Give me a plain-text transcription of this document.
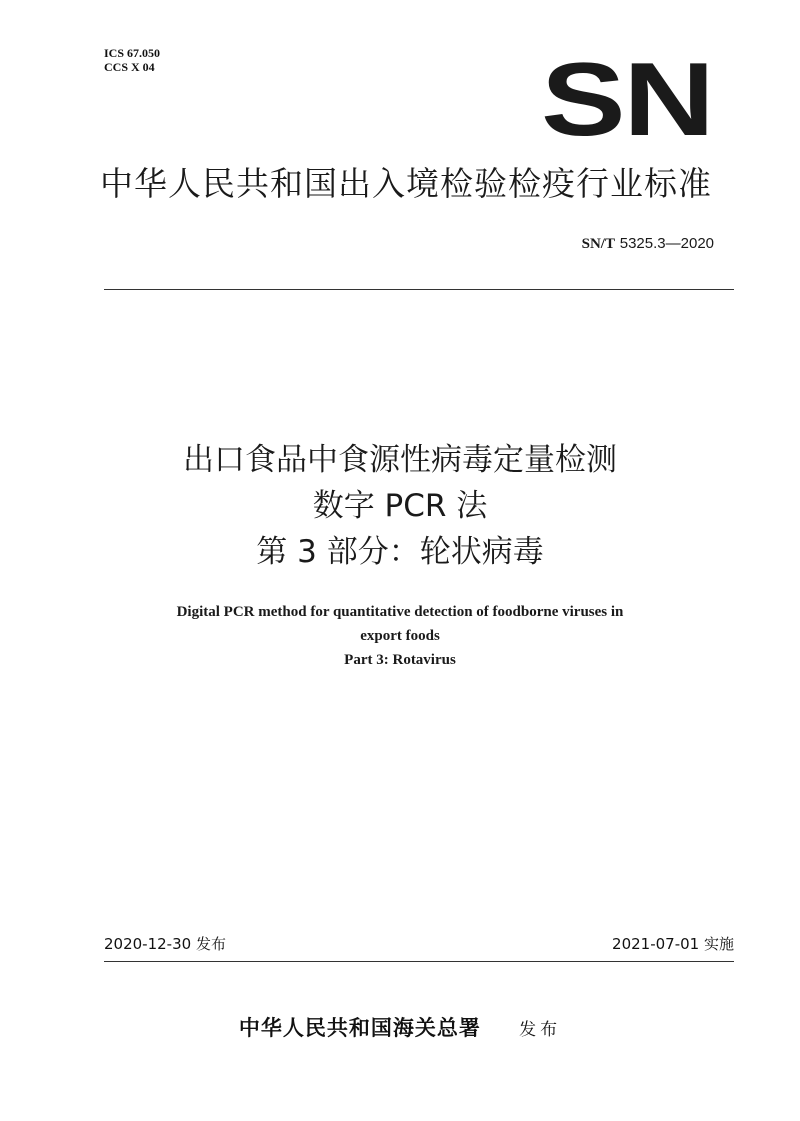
ICS 67.050
CCS X 04	SN
中华人民共和国出入境检验检疫行业标准
SN/T 5325.3—2020
出口食品中食源性病毒定量检测
数字 PCR 法
第 3 部分：轮状病毒
Digital PCR method for quantitative detection of foodborne viruses in
export foods
Part 3: Rotavirus
2020-12-30 发布	2021-07-01 实施
中华人民共和国海关总署 发布
